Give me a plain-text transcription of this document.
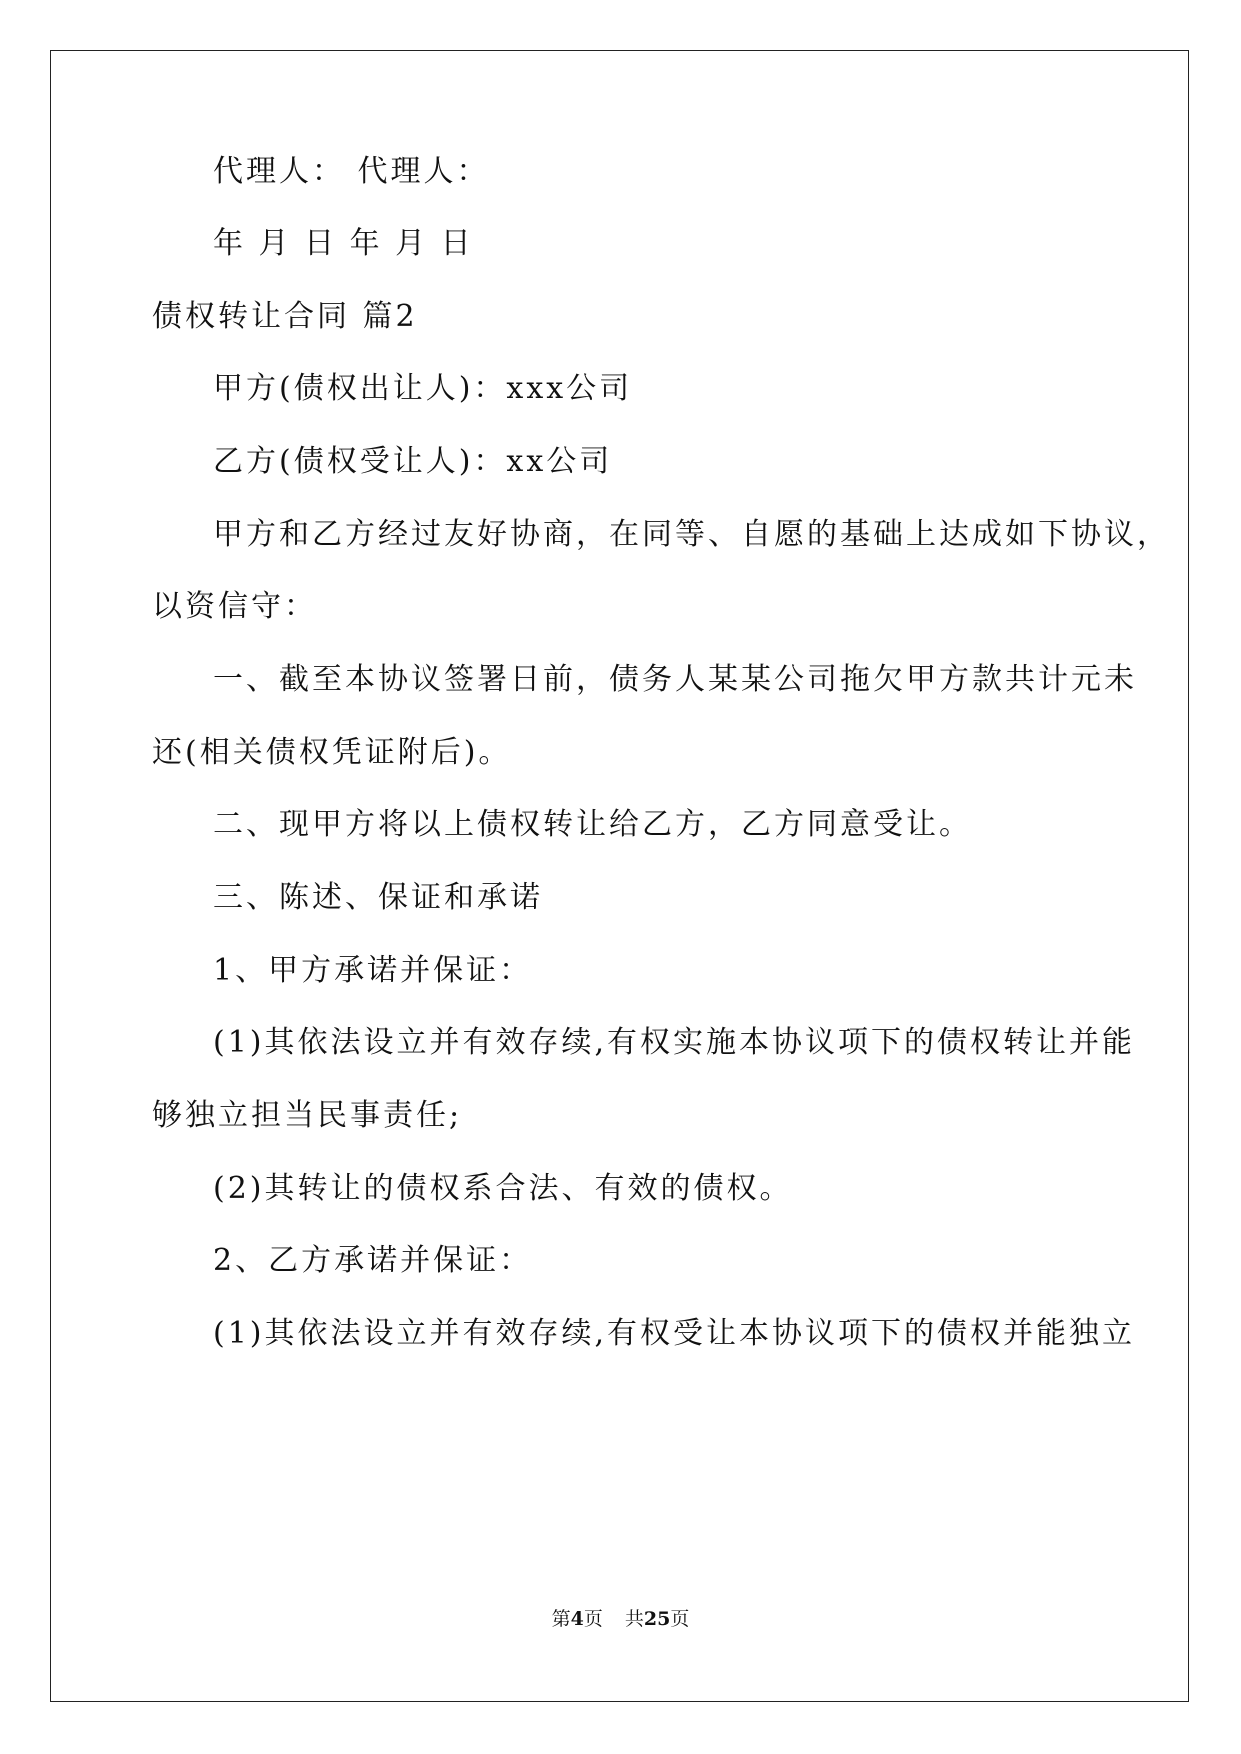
代理人： 代理人：
年 月 日 年 月 日
债权转让合同 篇2
甲方(债权出让人)：xxx公司
乙方(债权受让人)：xx公司
甲方和乙方经过友好协商，在同等、自愿的基础上达成如下协议，
以资信守：
一、截至本协议签署日前，债务人某某公司拖欠甲方款共计元未
还(相关债权凭证附后)。
二、现甲方将以上债权转让给乙方，乙方同意受让。
三、陈述、保证和承诺
1、甲方承诺并保证：
(1)其依法设立并有效存续,有权实施本协议项下的债权转让并能
够独立担当民事责任;
(2)其转让的债权系合法、有效的债权。
2、乙方承诺并保证：
(1)其依法设立并有效存续,有权受让本协议项下的债权并能独立
第4页 共25页
